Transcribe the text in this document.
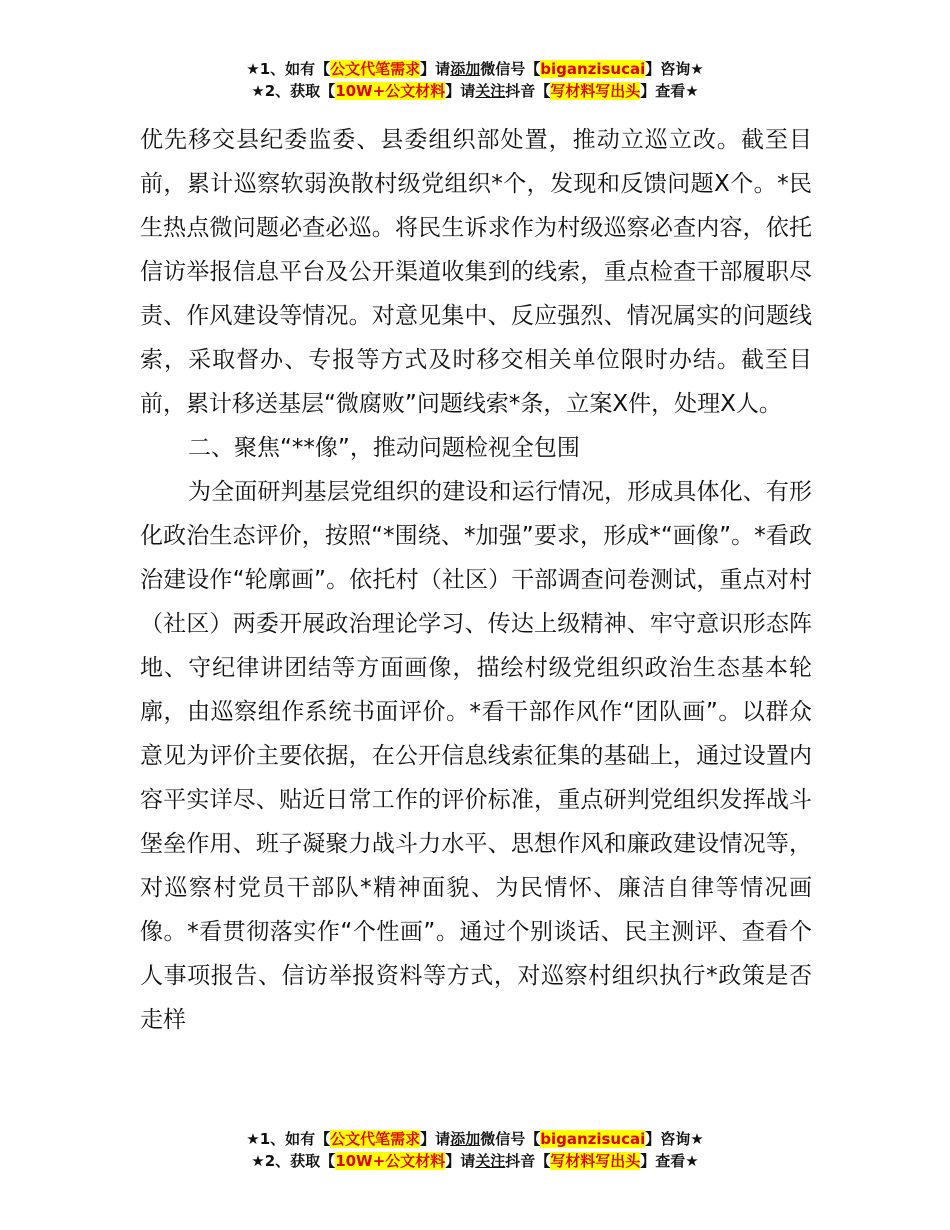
★1、如有【公文代笔需求】请添加微信号【biganzisucai】咨询★
★2、获取【10W+公文材料】请关注抖音【写材料写出头】查看★

优先移交县纪委监委、县委组织部处置，推动立巡立改。截至目前，累计巡察软弱涣散村级党组织*个，发现和反馈问题X个。*民生热点微问题必查必巡。将民生诉求作为村级巡察必查内容，依托信访举报信息平台及公开渠道收集到的线索，重点检查干部履职尽责、作风建设等情况。对意见集中、反应强烈、情况属实的问题线索，采取督办、专报等方式及时移交相关单位限时办结。截至目前，累计移送基层“微腐败”问题线索*条，立案X件，处理X人。

二、聚焦“**像”，推动问题检视全包围

为全面研判基层党组织的建设和运行情况，形成具体化、有形化政治生态评价，按照“*围绕、*加强”要求，形成*“画像”。*看政治建设作“轮廓画”。依托村（社区）干部调查问卷测试，重点对村（社区）两委开展政治理论学习、传达上级精神、牢守意识形态阵地、守纪律讲团结等方面画像，描绘村级党组织政治生态基本轮廓，由巡察组作系统书面评价。*看干部作风作“团队画”。以群众意见为评价主要依据，在公开信息线索征集的基础上，通过设置内容平实详尽、贴近日常工作的评价标准，重点研判党组织发挥战斗堡垒作用、班子凝聚力战斗力水平、思想作风和廉政建设情况等，对巡察村党员干部队*精神面貌、为民情怀、廉洁自律等情况画像。*看贯彻落实作“个性画”。通过个别谈话、民主测评、查看个人事项报告、信访举报资料等方式，对巡察村组织执行*政策是否走样

★1、如有【公文代笔需求】请添加微信号【biganzisucai】咨询★
★2、获取【10W+公文材料】请关注抖音【写材料写出头】查看★
